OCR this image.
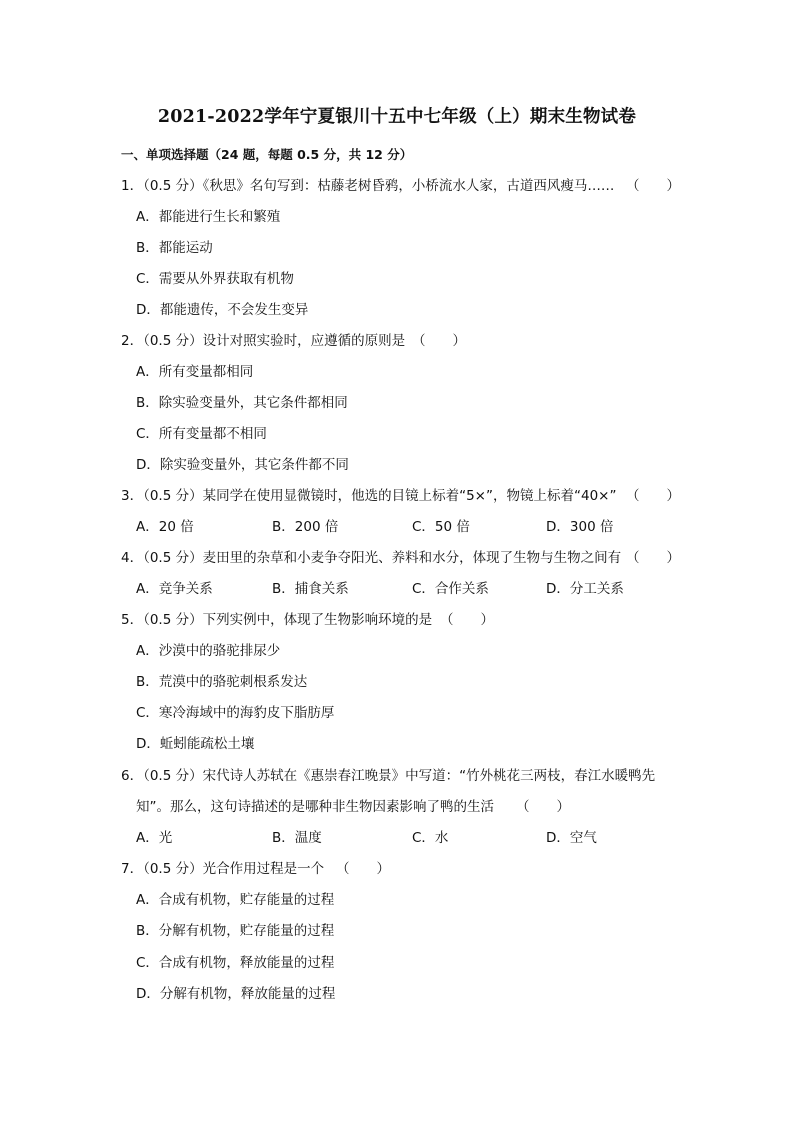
2021-2022学年宁夏银川十五中七年级（上）期末生物试卷
一、单项选择题（24 题，每题 0.5 分，共 12 分）
1．（0.5 分）《秋思》名句写到：枯藤老树昏鸦，小桥流水人家，古道西风瘦马…… （　　）
A．都能进行生长和繁殖
B．都能运动
C．需要从外界获取有机物
D．都能遗传，不会发生变异
2．（0.5 分）设计对照实验时，应遵循的原则是 （　　）
A．所有变量都相同
B．除实验变量外，其它条件都相同
C．所有变量都不相同
D．除实验变量外，其它条件都不同
3．（0.5 分）某同学在使用显微镜时，他选的目镜上标着“5×”，物镜上标着“40×” （　　）
A．20 倍	B．200 倍	C．50 倍	D．300 倍
4．（0.5 分）麦田里的杂草和小麦争夺阳光、养料和水分，体现了生物与生物之间有 （　　）
A．竞争关系	B．捕食关系	C．合作关系	D．分工关系
5．（0.5 分）下列实例中，体现了生物影响环境的是 （　　）
A．沙漠中的骆驼排尿少
B．荒漠中的骆驼刺根系发达
C．寒冷海域中的海豹皮下脂肪厚
D．蚯蚓能疏松土壤
6．（0.5 分）宋代诗人苏轼在《惠崇春江晚景》中写道：“竹外桃花三两枝，春江水暖鸭先
知”。那么，这句诗描述的是哪种非生物因素影响了鸭的生活 （　　）
A．光	B．温度	C．水	D．空气
7．（0.5 分）光合作用过程是一个 （　　）
A．合成有机物，贮存能量的过程
B．分解有机物，贮存能量的过程
C．合成有机物，释放能量的过程
D．分解有机物，释放能量的过程
